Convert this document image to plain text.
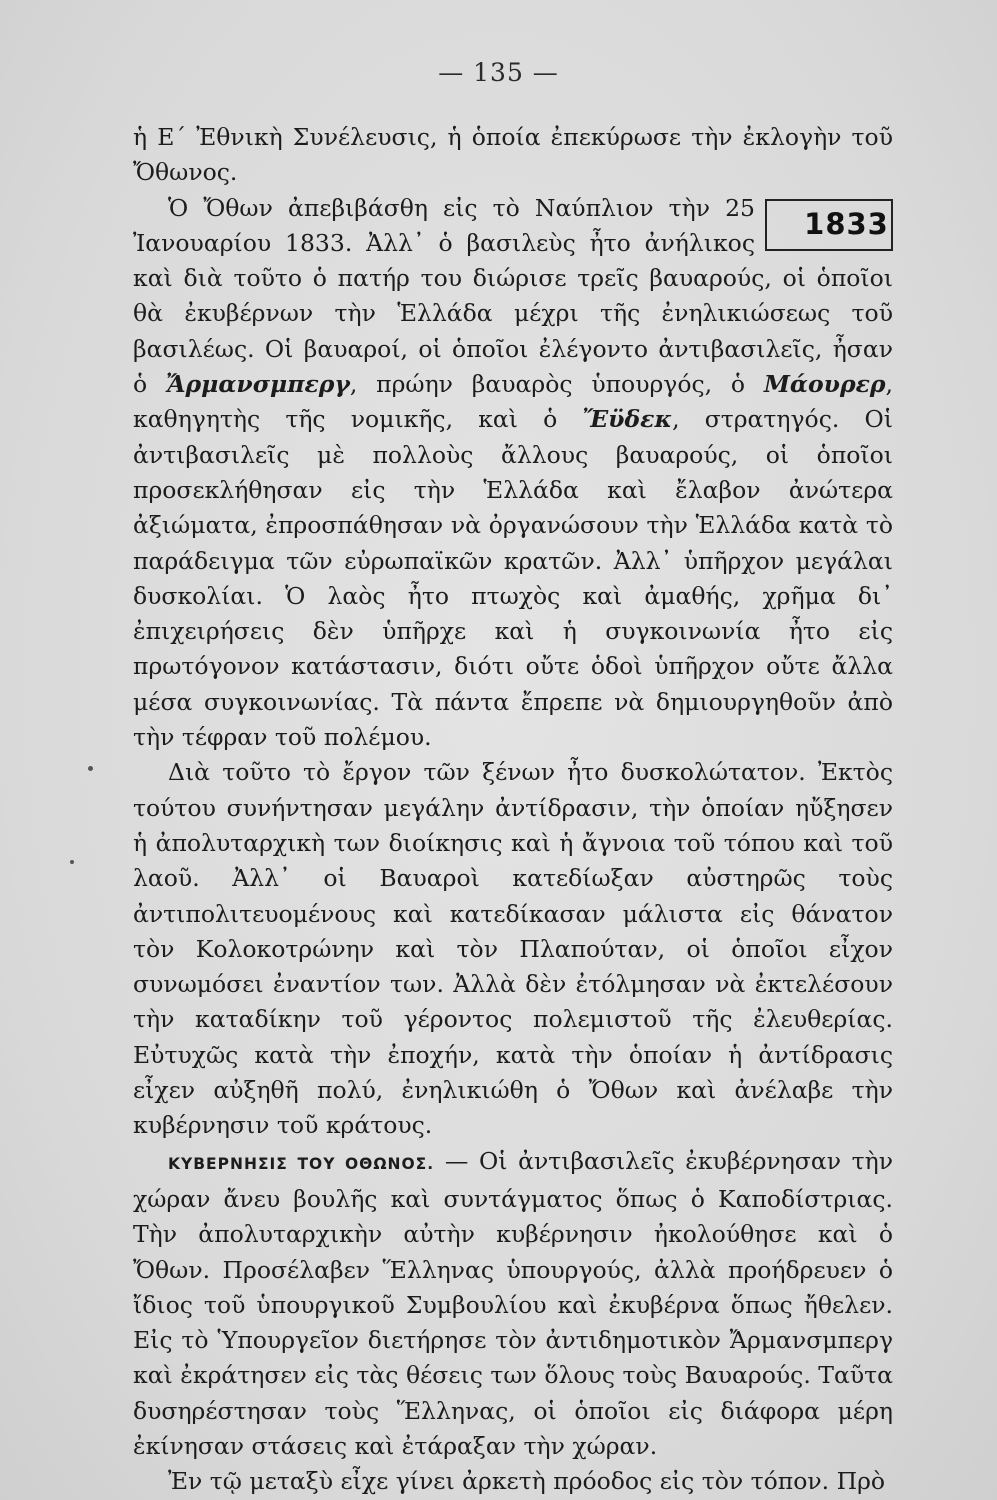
— 135 —

ἡ Ε΄ Ἐθνικὴ Συνέλευσις, ἡ ὁποία ἐπεκύρωσε τὴν ἐκλογὴν τοῦ Ὄθωνος.

1833
Ὁ Ὄθων ἀπεβιβάσθη εἰς τὸ Ναύπλιον τὴν 25 Ἰανουαρίου 1833. Ἀλλ᾽ ὁ βασιλεὺς ἦτο ἀνήλικος καὶ διὰ τοῦτο ὁ πατήρ του διώρισε τρεῖς βαυαρούς, οἱ ὁποῖοι θὰ ἐκυβέρνων τὴν Ἑλλάδα μέχρι τῆς ἐνηλικιώσεως τοῦ βασιλέως. Οἱ βαυαροί, οἱ ὁποῖοι ἐλέγοντο ἀντιβασιλεῖς, ἦσαν ὁ Ἄρμανσμπεργ, πρώην βαυαρὸς ὑπουργός, ὁ Μάουρερ, καθηγητὴς τῆς νομικῆς, καὶ ὁ Ἔϋδεκ, στρατηγός. Οἱ ἀντιβασιλεῖς μὲ πολλοὺς ἄλλους βαυαρούς, οἱ ὁποῖοι προσεκλήθησαν εἰς τὴν Ἑλλάδα καὶ ἔλαβον ἀνώτερα ἀξιώματα, ἐπροσπάθησαν νὰ ὀργανώσουν τὴν Ἑλλάδα κατὰ τὸ παράδειγμα τῶν εὐρωπαϊκῶν κρατῶν. Ἀλλ᾽ ὑπῆρχον μεγάλαι δυσκολίαι. Ὁ λαὸς ἦτο πτωχὸς καὶ ἀμαθής, χρῆμα δι᾽ ἐπιχειρήσεις δὲν ὑπῆρχε καὶ ἡ συγκοινωνία ἦτο εἰς πρωτόγονον κατάστασιν, διότι οὔτε ὁδοὶ ὑπῆρχον οὔτε ἄλλα μέσα συγκοινωνίας. Τὰ πάντα ἔπρεπε νὰ δημιουργηθοῦν ἀπὸ τὴν τέφραν τοῦ πολέμου.

Διὰ τοῦτο τὸ ἔργον τῶν ξένων ἦτο δυσκολώτατον. Ἐκτὸς τούτου συνήντησαν μεγάλην ἀντίδρασιν, τὴν ὁποίαν ηὔξησεν ἡ ἀπολυταρχικὴ των διοίκησις καὶ ἡ ἄγνοια τοῦ τόπου καὶ τοῦ λαοῦ. Ἀλλ᾽ οἱ Βαυαροὶ κατεδίωξαν αὐστηρῶς τοὺς ἀντιπολιτευομένους καὶ κατεδίκασαν μάλιστα εἰς θάνατον τὸν Κολοκοτρώνην καὶ τὸν Πλαπούταν, οἱ ὁποῖοι εἶχον συνωμόσει ἐναντίον των. Ἀλλὰ δὲν ἐτόλμησαν νὰ ἐκτελέσουν τὴν καταδίκην τοῦ γέροντος πολεμιστοῦ τῆς ἐλευθερίας. Εὐτυχῶς κατὰ τὴν ἐποχήν, κατὰ τὴν ὁποίαν ἡ ἀντίδρασις εἶχεν αὐξηθῆ πολύ, ἐνηλικιώθη ὁ Ὄθων καὶ ἀνέλαβε τὴν κυβέρνησιν τοῦ κράτους.

ΚΥΒΕΡΝΗΣΙΣ ΤΟΥ ΟΘΩΝΟΣ. — Οἱ ἀντιβασιλεῖς ἐκυβέρνησαν τὴν χώραν ἄνευ βουλῆς καὶ συντάγματος ὅπως ὁ Καποδίστριας. Τὴν ἀπολυταρχικὴν αὐτὴν κυβέρνησιν ἠκολούθησε καὶ ὁ Ὄθων. Προσέλαβεν Ἕλληνας ὑπουργούς, ἀλλὰ προήδρευεν ὁ ἴδιος τοῦ ὑπουργικοῦ Συμβουλίου καὶ ἐκυβέρνα ὅπως ἤθελεν. Εἰς τὸ Ὑπουργεῖον διετήρησε τὸν ἀντιδημοτικὸν Ἄρμανσμπεργ καὶ ἐκράτησεν εἰς τὰς θέσεις των ὅλους τοὺς Βαυαρούς. Ταῦτα δυσηρέστησαν τοὺς Ἕλληνας, οἱ ὁποῖοι εἰς διάφορα μέρη ἐκίνησαν στάσεις καὶ ἐτάραξαν τὴν χώραν.

Ἐν τῷ μεταξὺ εἶχε γίνει ἀρκετὴ πρόοδος εἰς τὸν τόπον. Πρὸ
